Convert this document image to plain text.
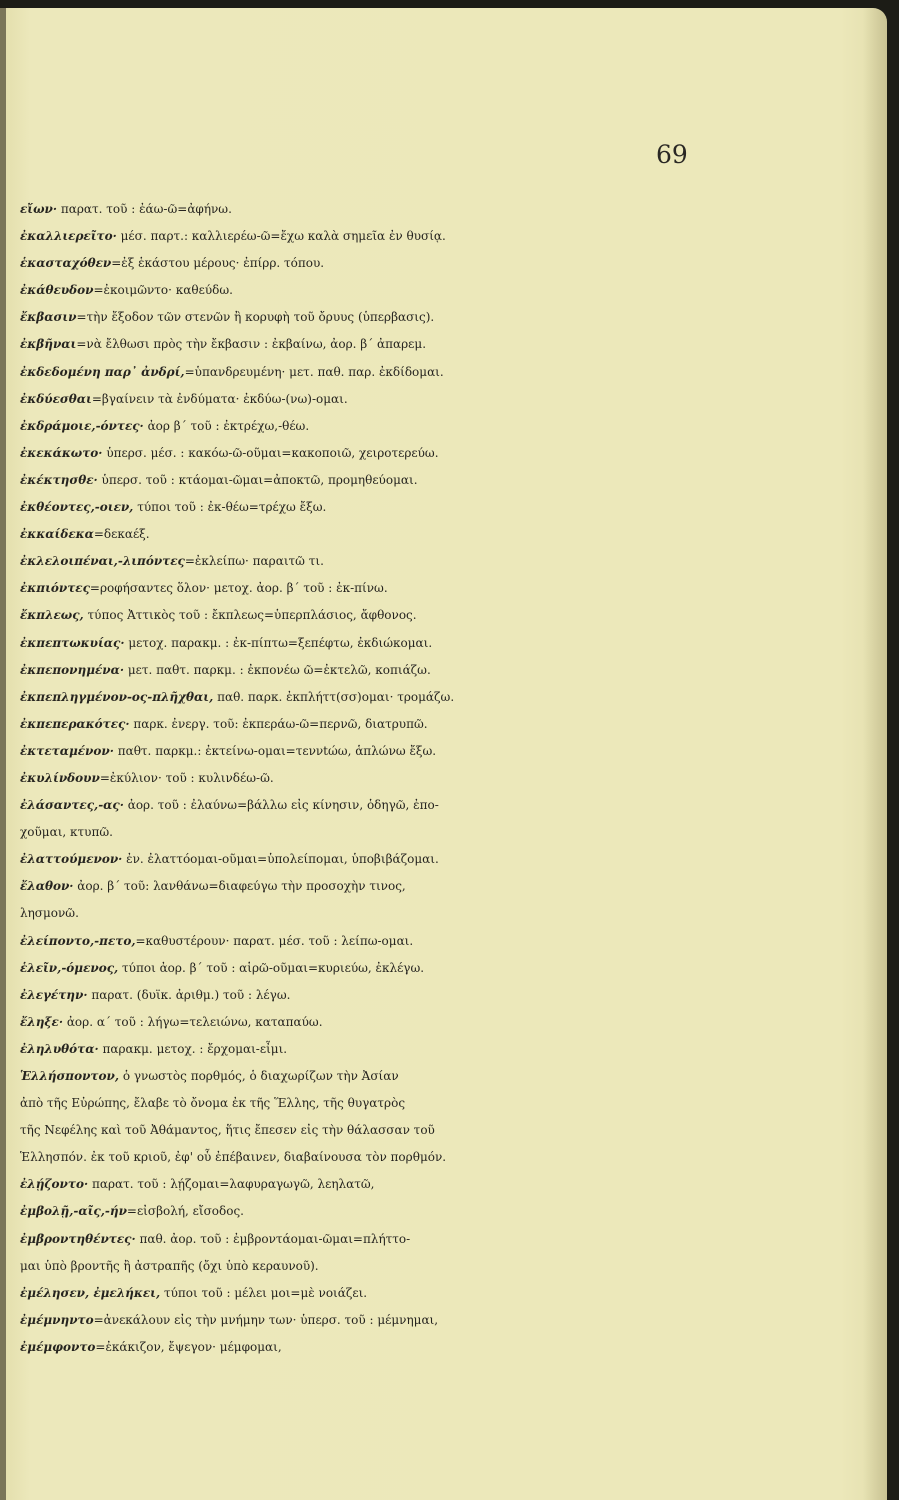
69
εἴων· παρατ. τοῦ : ἐάω-ῶ=ἀφήνω.
ἐκαλλιερεῖτο· μέσ. παρτ.: καλλιερέω-ῶ=ἔχω καλὰ σημεῖα ἐν θυσίᾳ.
ἑκασταχόθεν=ἐξ ἑκάστου μέρους· ἐπίρρ. τόπου.
ἐκάθευδον=ἐκοιμῶντο· καθεύδω.
ἔκβασιν=τὴν ἔξοδον τῶν στενῶν ἢ κορυφὴ τοῦ ὄρυυς (ὑπερβασις).
ἐκβῆναι=νὰ ἔλθωσι πρὸς τὴν ἔκβασιν : ἐκβαίνω, ἀορ. β΄ ἀπαρεμ.
ἐκδεδομένη παρ᾽ ἀνδρί,=ὑπανδρευμένη· μετ. παθ. παρ. ἐκδίδομαι.
ἐκδύεσθαι=βγαίνειν τὰ ἐνδύματα· ἐκδύω-(νω)-ομαι.
ἐκδράμοιε,-όντες· ἀορ β΄ τοῦ : ἐκτρέχω,-θέω.
ἐκεκάκωτο· ὑπερσ. μέσ. : κακόω-ῶ-οῦμαι=κακοποιῶ, χειροτερεύω.
ἐκέκτησθε· ὑπερσ. τοῦ : κτάομαι-ῶμαι=ἀποκτῶ, προμηθεύομαι.
ἐκθέοντες,-οιεν, τύποι τοῦ : ἐκ-θέω=τρέχω ἔξω.
ἐκκαίδεκα=δεκαέξ.
ἐκλελοιπέναι,-λιπόντες=ἐκλείπω· παραιτῶ τι.
ἐκπιόντες=ροφήσαντες ὅλον· μετοχ. ἀορ. β΄ τοῦ : ἐκ-πίνω.
ἔκπλεως, τύπος Ἀττικὸς τοῦ : ἔκπλεως=ὑπερπλάσιος, ἄφθονος.
ἐκπεπτωκυίας· μετοχ. παρακμ. : ἐκ-πίπτω=ξεπέφτω, ἐκδιώκομαι.
ἐκπεπονημένα· μετ. παθτ. παρκμ. : ἐκπονέω ῶ=ἐκτελῶ, κοπιάζω.
ἐκπεπληγμένον-ος-πλῆχθαι, παθ. παρκ. ἐκπλήττ(σσ)ομαι· τρομάζω.
ἐκπεπερακότες· παρκ. ἐνεργ. τοῦ: ἐκπεράω-ῶ=περνῶ, διατρυπῶ.
ἐκτεταμένον· παθτ. παρκμ.: ἐκτείνω-ομαι=τεννtώω, ἁπλώνω ἔξω.
ἐκυλίνδουν=ἐκύλιον· τοῦ : κυλινδέω-ῶ.
ἐλάσαντες,-ας· ἀορ. τοῦ : ἐλαύνω=βάλλω εἰς κίνησιν, ὁδηγῶ, ἐπο-
χοῦμαι, κτυπῶ.
ἐλαττούμενον· ἐν. ἐλαττόομαι-οῦμαι=ὑπολείπομαι, ὑποβιβάζομαι.
ἔλαθον· ἀορ. β΄ τοῦ: λανθάνω=διαφεύγω τὴν προσοχὴν τινος,
λησμονῶ.
ἐλείποντο,-πετο,=καθυστέρουν· παρατ. μέσ. τοῦ : λείπω-ομαι.
ἑλεῖν,-όμενος, τύποι ἀορ. β΄ τοῦ : αἱρῶ-οῦμαι=κυριεύω, ἐκλέγω.
ἐλεγέτην· παρατ. (δυϊκ. ἀριθμ.) τοῦ : λέγω.
ἔληξε· ἀορ. α΄ τοῦ : λήγω=τελειώνω, καταπαύω.
ἐληλυθότα· παρακμ. μετοχ. : ἔρχομαι-εἶμι.
Ἑλλήσποντον, ὁ γνωστὸς πορθμός, ὁ διαχωρίζων τὴν Ἀσίαν
ἀπὸ τῆς Εὐρώπης, ἔλαβε τὸ ὄνομα ἐκ τῆς Ἕλλης, τῆς θυγατρὸς
τῆς Νεφέλης καὶ τοῦ Ἀθάμαντος, ἥτις ἔπεσεν εἰς τὴν θάλασσαν τοῦ
Ἑλλησπόν. ἐκ τοῦ κριοῦ, ἐφ' οὗ ἐπέβαινεν, διαβαίνουσα τὸν πορθμόν.
ἐλῄζοντο· παρατ. τοῦ : λῄζομαι=λαφυραγωγῶ, λεηλατῶ,
ἐμβολῇ,-αῖς,-ήν=εἰσβολή, εἴσοδος.
ἐμβροντηθέντες· παθ. ἀορ. τοῦ : ἐμβροντάομαι-ῶμαι=πλήττο-
μαι ὑπὸ βροντῆς ἢ ἀστραπῆς (ὄχι ὑπὸ κεραυνοῦ).
ἐμέλησεν, ἐμελήκει, τύποι τοῦ : μέλει μοι=μὲ νοιάζει.
ἐμέμνηντο=ἀνεκάλουν εἰς τὴν μνήμην των· ὑπερσ. τοῦ : μέμνημαι,
ἐμέμφοντο=ἐκάκιζον, ἔψεγον· μέμφομαι,
